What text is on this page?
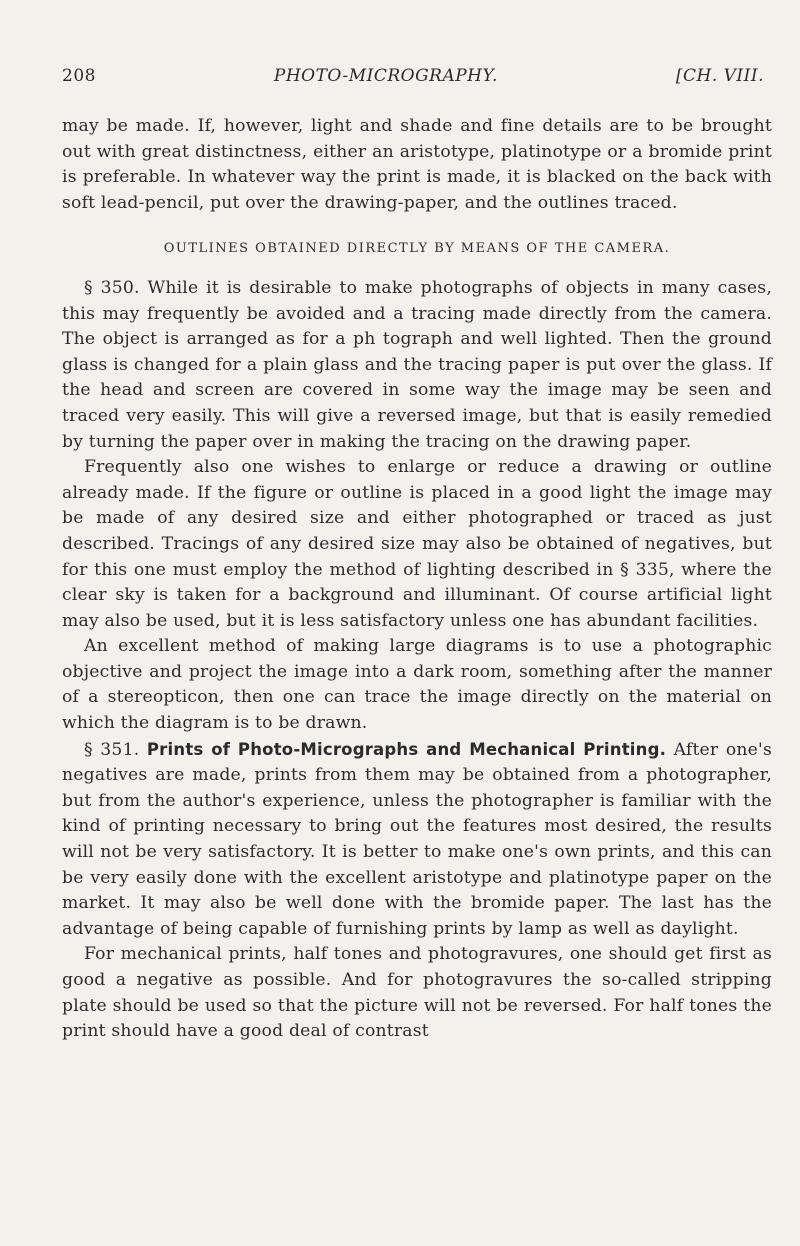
208	PHOTO-MICROGRAPHY.	[CH. VIII.

may be made. If, however, light and shade and fine details are to be brought out with great distinctness, either an aristotype, platinotype or a bromide print is preferable. In whatever way the print is made, it is blacked on the back with soft lead-pencil, put over the drawing-paper, and the outlines traced.

OUTLINES OBTAINED DIRECTLY BY MEANS OF THE CAMERA.

§ 350. While it is desirable to make photographs of objects in many cases, this may frequently be avoided and a tracing made directly from the camera. The object is arranged as for a ph tograph and well lighted. Then the ground glass is changed for a plain glass and the tracing paper is put over the glass. If the head and screen are covered in some way the image may be seen and traced very easily. This will give a reversed image, but that is easily remedied by turning the paper over in making the tracing on the drawing paper.

Frequently also one wishes to enlarge or reduce a drawing or outline already made. If the figure or outline is placed in a good light the image may be made of any desired size and either photographed or traced as just described. Tracings of any desired size may also be obtained of negatives, but for this one must employ the method of lighting described in § 335, where the clear sky is taken for a background and illuminant. Of course artificial light may also be used, but it is less satisfactory unless one has abundant facilities.

An excellent method of making large diagrams is to use a photographic objective and project the image into a dark room, something after the manner of a stereopticon, then one can trace the image directly on the material on which the diagram is to be drawn.

§ 351. Prints of Photo-Micrographs and Mechanical Printing. After one's negatives are made, prints from them may be obtained from a photographer, but from the author's experience, unless the photographer is familiar with the kind of printing necessary to bring out the features most desired, the results will not be very satisfactory. It is better to make one's own prints, and this can be very easily done with the excellent aristotype and platinotype paper on the market. It may also be well done with the bromide paper. The last has the advantage of being capable of furnishing prints by lamp as well as daylight.

For mechanical prints, half tones and photogravures, one should get first as good a negative as possible. And for photogravures the so-called stripping plate should be used so that the picture will not be reversed. For half tones the print should have a good deal of contrast
